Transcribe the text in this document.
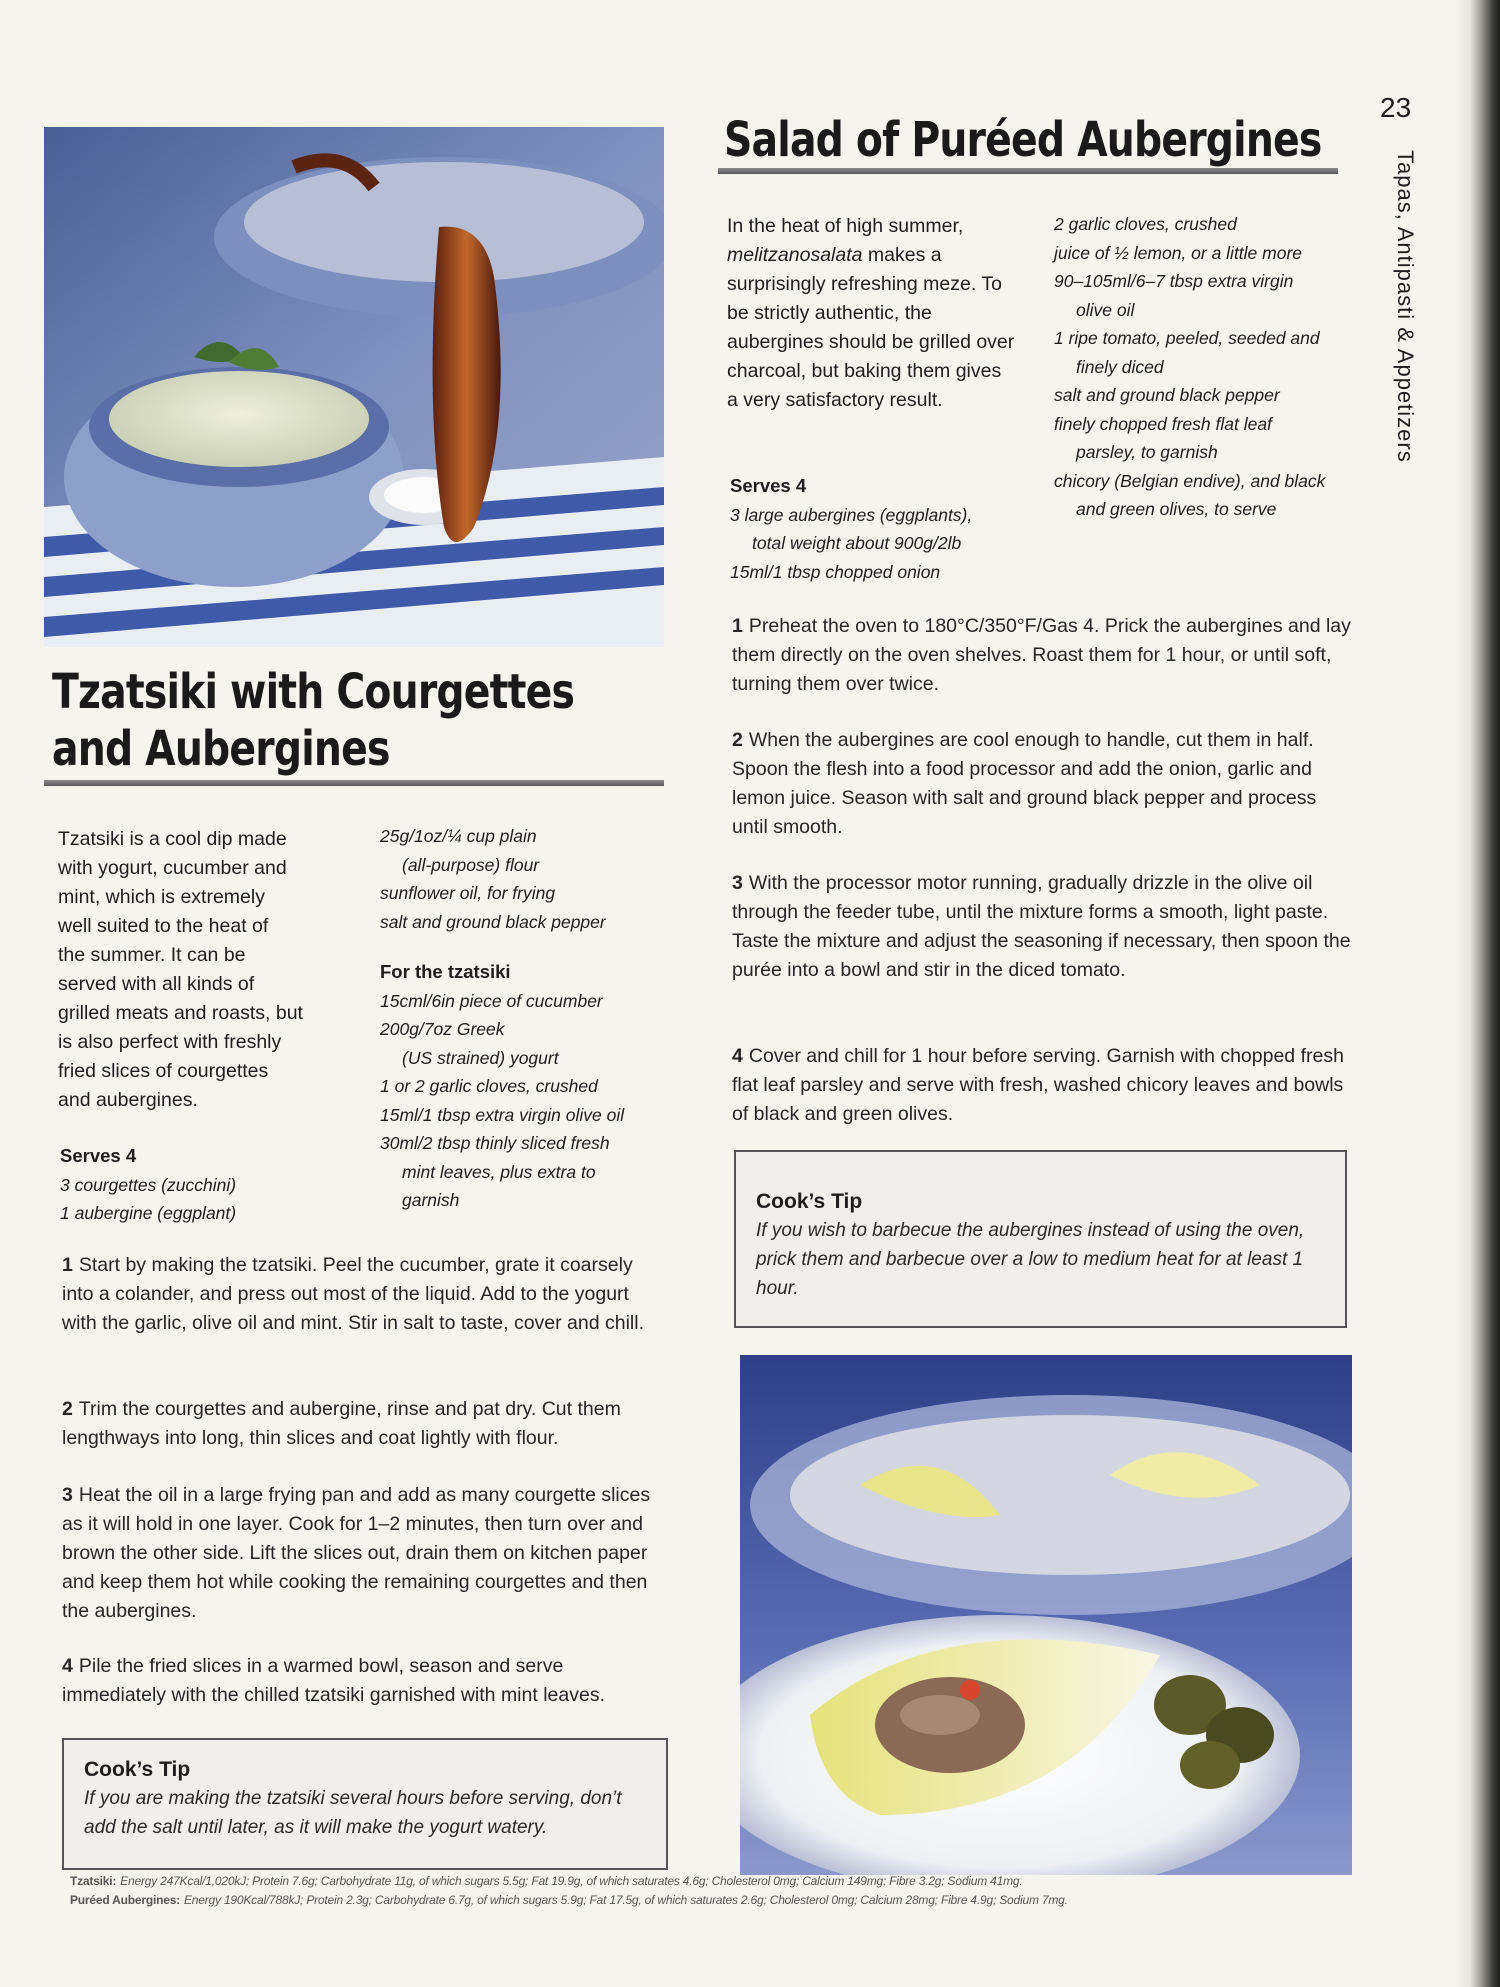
23
Tapas, Antipasti & Appetizers
Tzatsiki with Courgettes
and Aubergines
Tzatsiki is a cool dip made
with yogurt, cucumber and
mint, which is extremely
well suited to the heat of
the summer. It can be
served with all kinds of
grilled meats and roasts, but
is also perfect with freshly
fried slices of courgettes
and aubergines.
Serves 4
3 courgettes (zucchini)
1 aubergine (eggplant)
25g/1oz/¼ cup plain
(all-purpose) flour
sunflower oil, for frying
salt and ground black pepper
For the tzatsiki
15cml/6in piece of cucumber
200g/7oz Greek
(US strained) yogurt
1 or 2 garlic cloves, crushed
15ml/1 tbsp extra virgin olive oil
30ml/2 tbsp thinly sliced fresh
mint leaves, plus extra to
garnish
1 Start by making the tzatsiki. Peel the cucumber, grate it coarsely into a colander, and press out most of the liquid. Add to the yogurt with the garlic, olive oil and mint. Stir in salt to taste, cover and chill.
2 Trim the courgettes and aubergine, rinse and pat dry. Cut them lengthways into long, thin slices and coat lightly with flour.
3 Heat the oil in a large frying pan and add as many courgette slices as it will hold in one layer. Cook for 1–2 minutes, then turn over and brown the other side. Lift the slices out, drain them on kitchen paper and keep them hot while cooking the remaining courgettes and then the aubergines.
4 Pile the fried slices in a warmed bowl, season and serve immediately with the chilled tzatsiki garnished with mint leaves.
Cook’s Tip
If you are making the tzatsiki several hours before serving, don’t add the salt until later, as it will make the yogurt watery.
Salad of Puréed Aubergines
In the heat of high summer, melitzanosalata makes a surprisingly refreshing meze. To be strictly authentic, the aubergines should be grilled over charcoal, but baking them gives a very satisfactory result.
Serves 4
3 large aubergines (eggplants),
total weight about 900g/2lb
15ml/1 tbsp chopped onion
2 garlic cloves, crushed
juice of ½ lemon, or a little more
90–105ml/6–7 tbsp extra virgin
olive oil
1 ripe tomato, peeled, seeded and
finely diced
salt and ground black pepper
finely chopped fresh flat leaf
parsley, to garnish
chicory (Belgian endive), and black
and green olives, to serve
1 Preheat the oven to 180°C/350°F/Gas 4. Prick the aubergines and lay them directly on the oven shelves. Roast them for 1 hour, or until soft, turning them over twice.
2 When the aubergines are cool enough to handle, cut them in half. Spoon the flesh into a food processor and add the onion, garlic and lemon juice. Season with salt and ground black pepper and process until smooth.
3 With the processor motor running, gradually drizzle in the olive oil through the feeder tube, until the mixture forms a smooth, light paste. Taste the mixture and adjust the seasoning if necessary, then spoon the purée into a bowl and stir in the diced tomato.
4 Cover and chill for 1 hour before serving. Garnish with chopped fresh flat leaf parsley and serve with fresh, washed chicory leaves and bowls of black and green olives.
Cook’s Tip
If you wish to barbecue the aubergines instead of using the oven, prick them and barbecue over a low to medium heat for at least 1 hour.
Tzatsiki: Energy 247Kcal/1,020kJ; Protein 7.6g; Carbohydrate 11g, of which sugars 5.5g; Fat 19.9g, of which saturates 4.6g; Cholesterol 0mg; Calcium 149mg; Fibre 3.2g; Sodium 41mg.
Puréed Aubergines: Energy 190Kcal/788kJ; Protein 2.3g; Carbohydrate 6.7g, of which sugars 5.9g; Fat 17.5g, of which saturates 2.6g; Cholesterol 0mg; Calcium 28mg; Fibre 4.9g; Sodium 7mg.
